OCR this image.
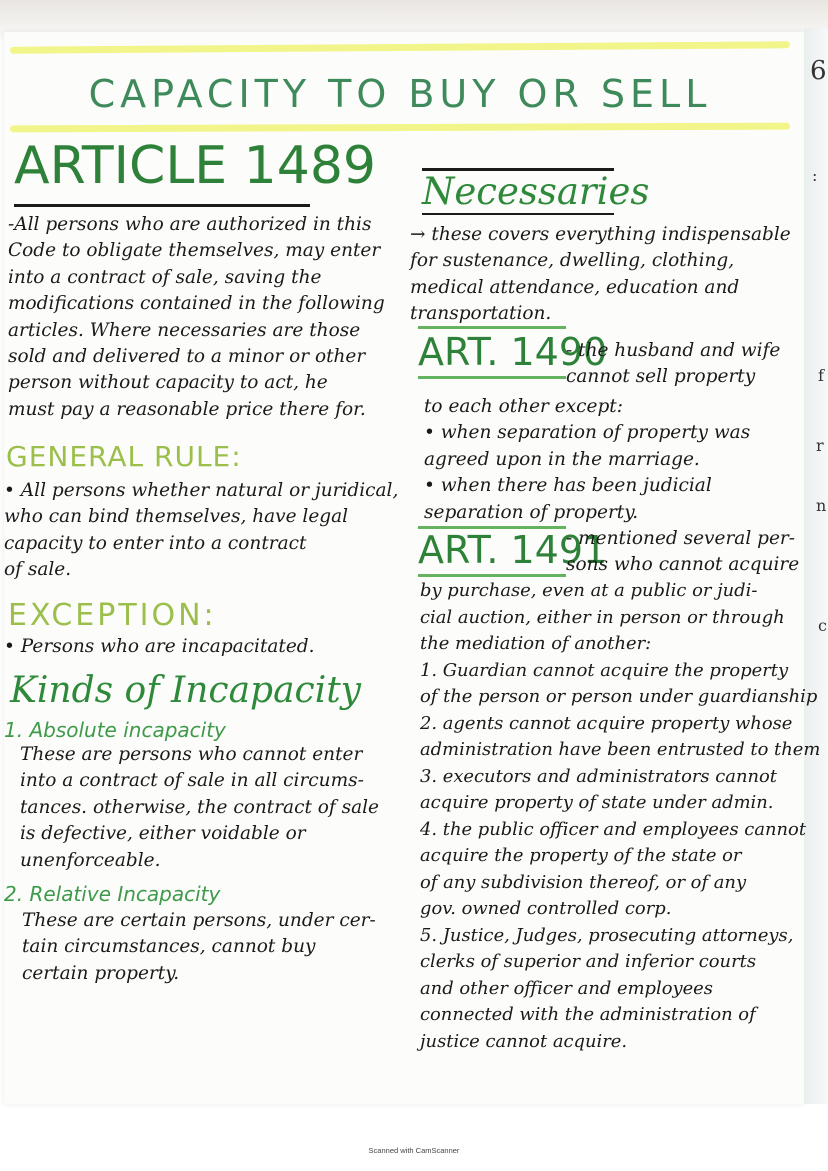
6
:
f
r
n
c
CAPACITY TO BUY OR SELL
ARTICLE 1489

-All persons who are authorized in this

Code to obligate themselves, may enter

into a contract of sale, saving the

modifications contained in the following

articles. Where necessaries are those

sold and delivered to a minor or other

person without capacity to act, he

must pay a reasonable price there for.

GENERAL RULE:

• All persons whether natural or juridical,

who can bind themselves, have legal

capacity to enter into a contract

of sale.

EXCEPTION:

• Persons who are incapacitated.

Kinds of Incapacity
1. Absolute incapacity

These are persons who cannot enter

into a contract of sale in all circums-

tances. otherwise, the contract of sale

is defective, either voidable or

unenforceable.

2. Relative Incapacity

These are certain persons, under cer-

tain circumstances, cannot buy

certain property.

Necessaries

→ these covers everything indispensable

for sustenance, dwelling, clothing,

medical attendance, education and

transportation.

ART. 1490

- the husband and wife

cannot sell property

to each other except:

• when separation of property was

agreed upon in the marriage.

• when there has been judicial

separation of property.

ART. 1491

- mentioned several per-

sons who cannot acquire

by purchase, even at a public or judi-

cial auction, either in person or through

the mediation of another:

1. Guardian cannot acquire the property

of the person or person under guardianship

2. agents cannot acquire property whose

administration have been entrusted to them

3. executors and administrators cannot

acquire property of state under admin.

4. the public officer and employees cannot

acquire the property of the state or

of any subdivision thereof, or of any

gov. owned controlled corp.

5. Justice, Judges, prosecuting attorneys,

clerks of superior and inferior courts

and other officer and employees

connected with the administration of

justice cannot acquire.

Scanned with CamScanner
